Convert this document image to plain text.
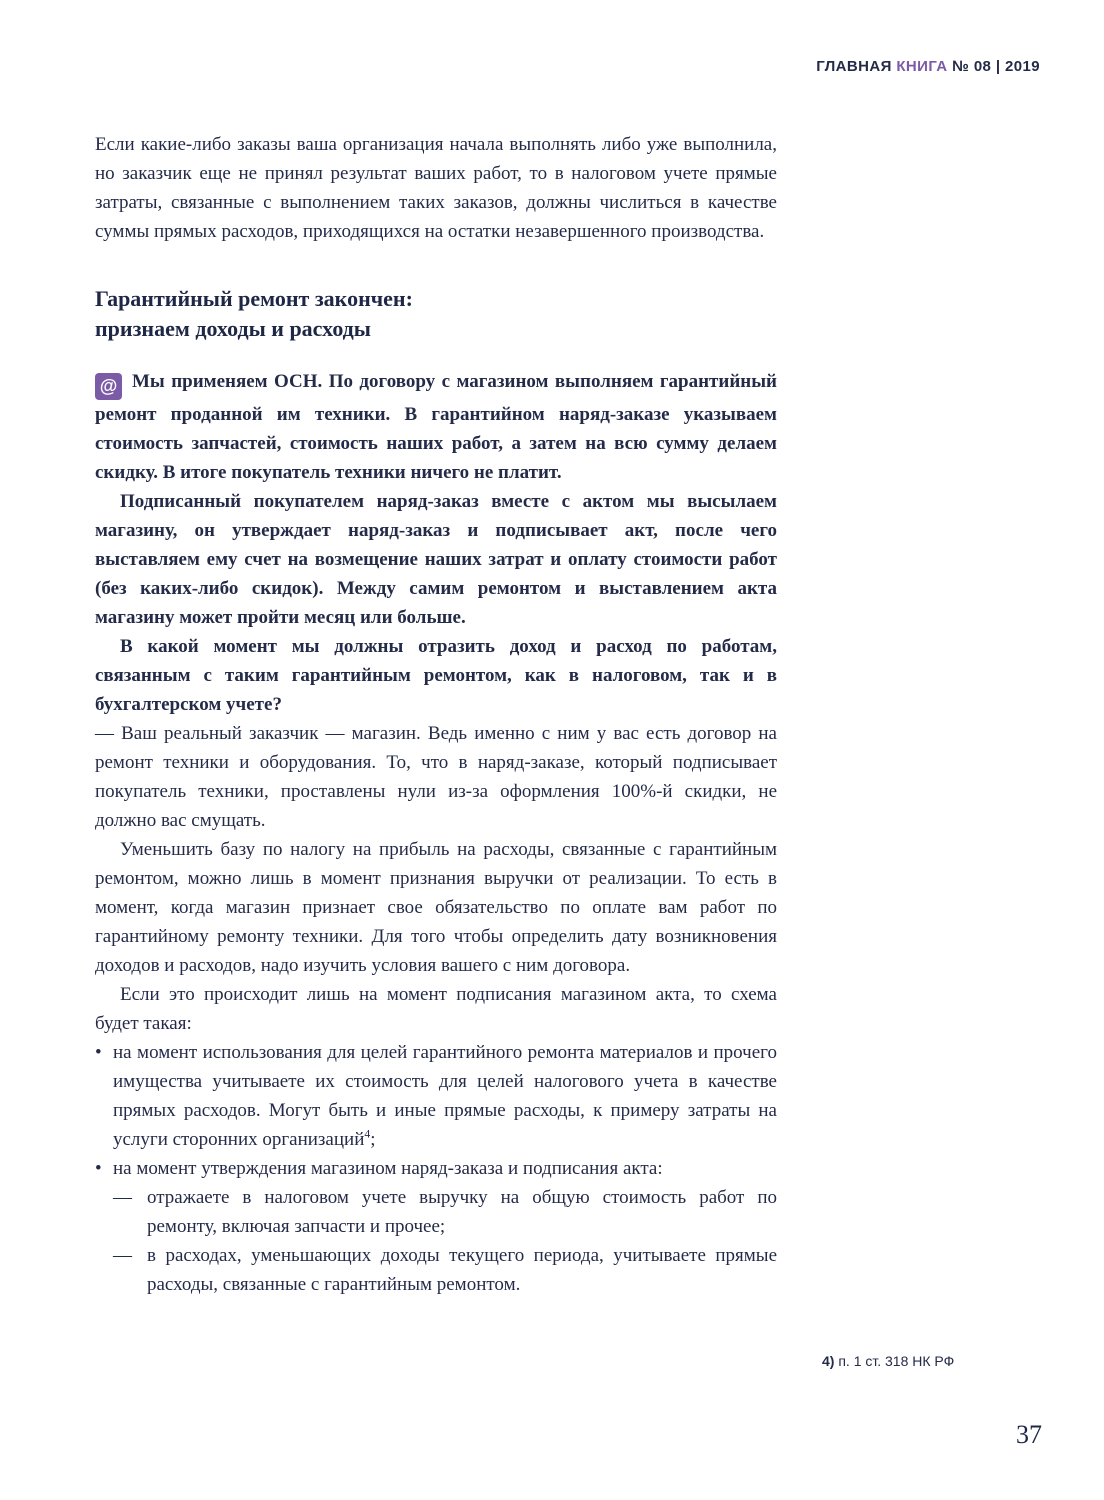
ГЛАВНАЯ КНИГА № 08 | 2019

Если какие-либо заказы ваша организация начала выполнять либо уже выполнила, но заказчик еще не принял результат ваших работ, то в налоговом учете прямые затраты, связанные с выполнением таких заказов, должны числиться в качестве суммы прямых расходов, приходящихся на остатки незавершенного производства.

Гарантийный ремонт закончен:
признаем доходы и расходы

@ Мы применяем ОСН. По договору с магазином выполняем гарантийный ремонт проданной им техники. В гарантийном наряд-заказе указываем стоимость запчастей, стоимость наших работ, а затем на всю сумму делаем скидку. В итоге покупатель техники ничего не платит.

Подписанный покупателем наряд-заказ вместе с актом мы высылаем магазину, он утверждает наряд-заказ и подписывает акт, после чего выставляем ему счет на возмещение наших затрат и оплату стоимости работ (без каких-либо скидок). Между самим ремонтом и выставлением акта магазину может пройти месяц или больше.

В какой момент мы должны отразить доход и расход по работам, связанным с таким гарантийным ремонтом, как в налоговом, так и в бухгалтерском учете?

— Ваш реальный заказчик — магазин. Ведь именно с ним у вас есть договор на ремонт техники и оборудования. То, что в наряд-заказе, который подписывает покупатель техники, проставлены нули из-за оформления 100%-й скидки, не должно вас смущать.

Уменьшить базу по налогу на прибыль на расходы, связанные с гарантийным ремонтом, можно лишь в момент признания выручки от реализации. То есть в момент, когда магазин признает свое обязательство по оплате вам работ по гарантийному ремонту техники. Для того чтобы определить дату возникновения доходов и расходов, надо изучить условия вашего с ним договора.

Если это происходит лишь на момент подписания магазином акта, то схема будет такая:

• на момент использования для целей гарантийного ремонта материалов и прочего имущества учитываете их стоимость для целей налогового учета в качестве прямых расходов. Могут быть и иные прямые расходы, к примеру затраты на услуги сторонних организаций$^4$;
• на момент утверждения магазином наряд-заказа и подписания акта:
— отражаете в налоговом учете выручку на общую стоимость работ по ремонту, включая запчасти и прочее;
— в расходах, уменьшающих доходы текущего периода, учитываете прямые расходы, связанные с гарантийным ремонтом.
4) п. 1 ст. 318 НК РФ
37
